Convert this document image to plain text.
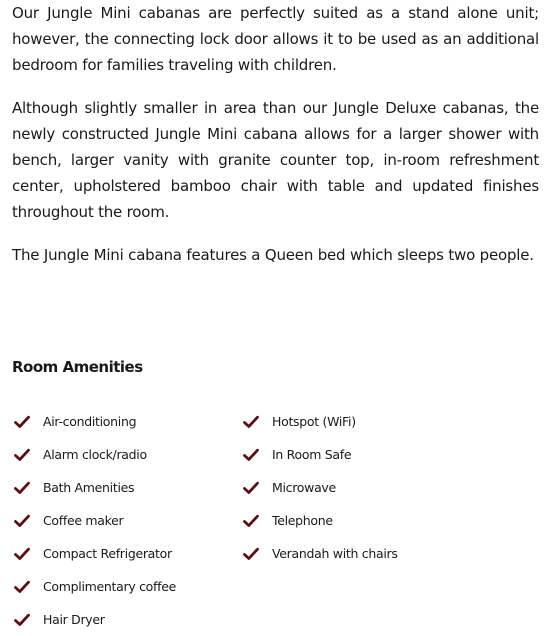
Our Jungle Mini cabanas are perfectly suited as a stand alone unit; however, the connecting lock door allows it to be used as an additional bedroom for families traveling with children.

Although slightly smaller in area than our Jungle Deluxe cabanas, the newly constructed Jungle Mini cabana allows for a larger shower with bench, larger vanity with granite counter top, in-room refreshment center, upholstered bamboo chair with table and updated finishes throughout the room.

The Jungle Mini cabana features a Queen bed which sleeps two people.

Room Amenities
Air-conditioning
Alarm clock/radio
Bath Amenities
Coffee maker
Compact Refrigerator
Complimentary coffee
Hair Dryer
Hotspot (WiFi)
In Room Safe
Microwave
Telephone
Verandah with chairs
